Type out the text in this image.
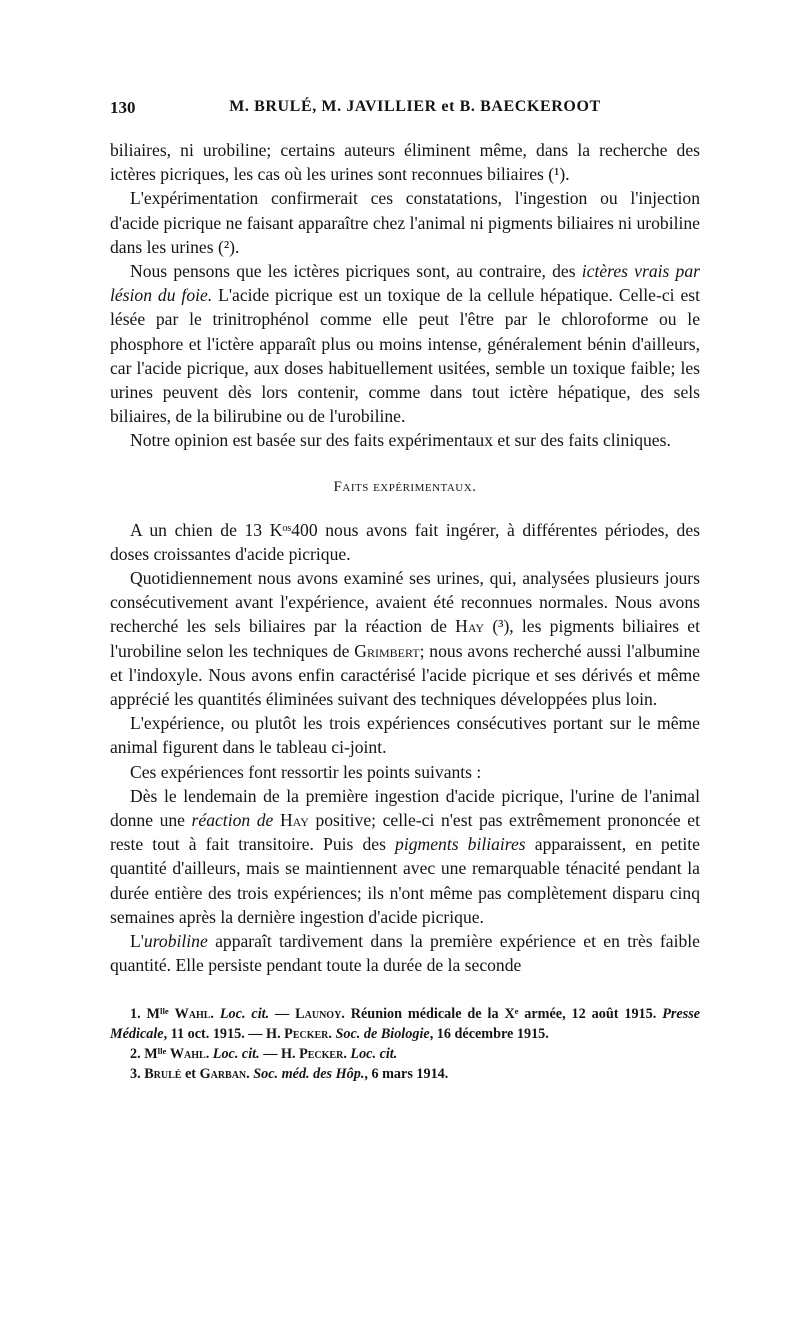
130	M. BRULÉ, M. JAVILLIER et B. BAECKEROOT

biliaires, ni urobiline; certains auteurs éliminent même, dans la recherche des ictères picriques, les cas où les urines sont reconnues biliaires (¹).

L'expérimentation confirmerait ces constatations, l'ingestion ou l'injection d'acide picrique ne faisant apparaître chez l'animal ni pigments biliaires ni urobiline dans les urines (²).

Nous pensons que les ictères picriques sont, au contraire, des ictères vrais par lésion du foie. L'acide picrique est un toxique de la cellule hépatique. Celle-ci est lésée par le trinitrophénol comme elle peut l'être par le chloroforme ou le phosphore et l'ictère apparaît plus ou moins intense, généralement bénin d'ailleurs, car l'acide picrique, aux doses habituellement usitées, semble un toxique faible; les urines peuvent dès lors contenir, comme dans tout ictère hépatique, des sels biliaires, de la bilirubine ou de l'urobiline.

Notre opinion est basée sur des faits expérimentaux et sur des faits cliniques.

Faits expérimentaux.

A un chien de 13 Kᵒˢ400 nous avons fait ingérer, à différentes périodes, des doses croissantes d'acide picrique.

Quotidiennement nous avons examiné ses urines, qui, analysées plusieurs jours consécutivement avant l'expérience, avaient été reconnues normales. Nous avons recherché les sels biliaires par la réaction de Hay (³), les pigments biliaires et l'urobiline selon les techniques de Grimbert; nous avons recherché aussi l'albumine et l'indoxyle. Nous avons enfin caractérisé l'acide picrique et ses dérivés et même apprécié les quantités éliminées suivant des techniques développées plus loin.

L'expérience, ou plutôt les trois expériences consécutives portant sur le même animal figurent dans le tableau ci-joint.

Ces expériences font ressortir les points suivants :

Dès le lendemain de la première ingestion d'acide picrique, l'urine de l'animal donne une réaction de Hay positive; celle-ci n'est pas extrêmement prononcée et reste tout à fait transitoire. Puis des pigments biliaires apparaissent, en petite quantité d'ailleurs, mais se maintiennent avec une remarquable ténacité pendant la durée entière des trois expériences; ils n'ont même pas complètement disparu cinq semaines après la dernière ingestion d'acide picrique.

L'urobiline apparaît tardivement dans la première expérience et en très faible quantité. Elle persiste pendant toute la durée de la seconde

1. Mˡˡᵉ Wahl. Loc. cit. — Launoy. Réunion médicale de la Xᵉ armée, 12 août 1915. Presse Médicale, 11 oct. 1915. — H. Pecker. Soc. de Biologie, 16 décembre 1915.

2. Mˡˡᵉ Wahl. Loc. cit. — H. Pecker. Loc. cit.

3. Brulé et Garban. Soc. méd. des Hôp., 6 mars 1914.
